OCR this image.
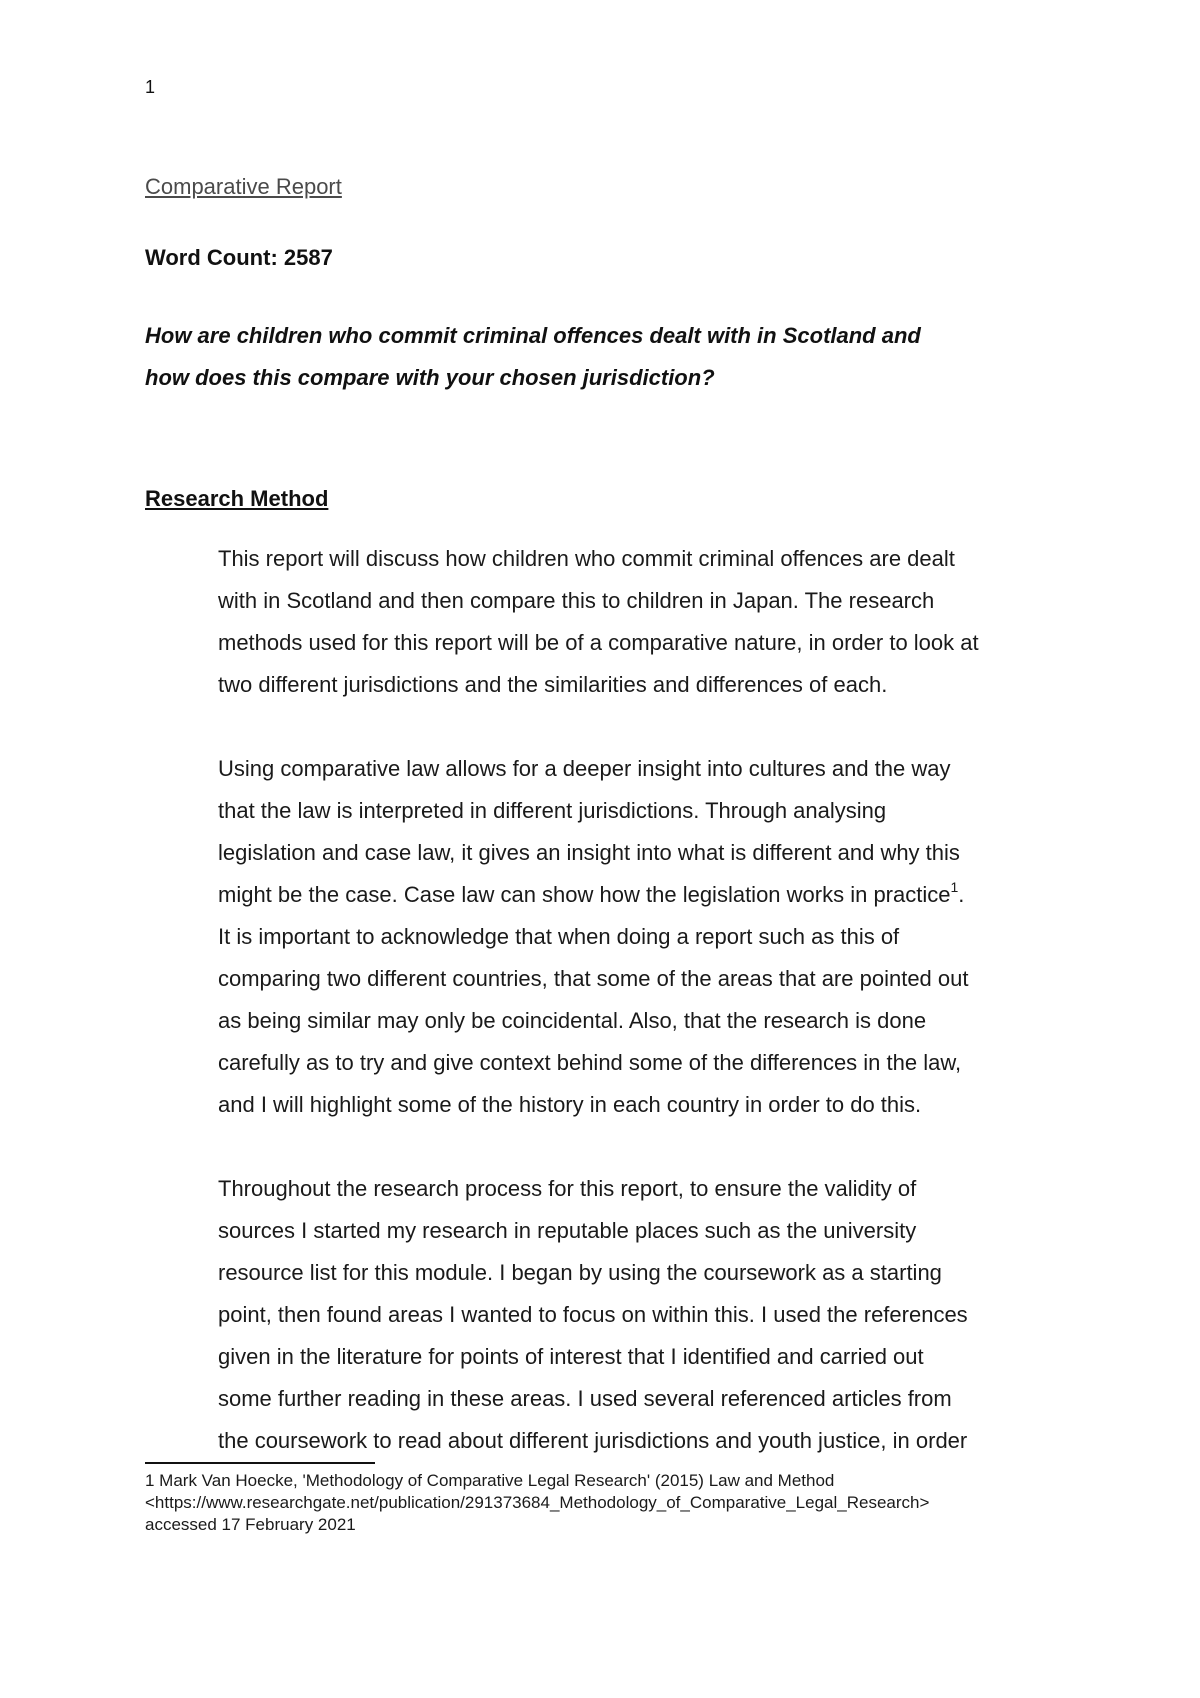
1
Comparative Report
Word Count: 2587
How are children who commit criminal offences dealt with in Scotland and
how does this compare with your chosen jurisdiction?
Research Method
This report will discuss how children who commit criminal offences are dealt
with in Scotland and then compare this to children in Japan. The research
methods used for this report will be of a comparative nature, in order to look at
two different jurisdictions and the similarities and differences of each.
Using comparative law allows for a deeper insight into cultures and the way
that the law is interpreted in different jurisdictions. Through analysing
legislation and case law, it gives an insight into what is different and why this
might be the case. Case law can show how the legislation works in practice$^1$.
It is important to acknowledge that when doing a report such as this of
comparing two different countries, that some of the areas that are pointed out
as being similar may only be coincidental. Also, that the research is done
carefully as to try and give context behind some of the differences in the law,
and I will highlight some of the history in each country in order to do this.
Throughout the research process for this report, to ensure the validity of
sources I started my research in reputable places such as the university
resource list for this module. I began by using the coursework as a starting
point, then found areas I wanted to focus on within this. I used the references
given in the literature for points of interest that I identified and carried out
some further reading in these areas. I used several referenced articles from
the coursework to read about different jurisdictions and youth justice, in order
1 Mark Van Hoecke, 'Methodology of Comparative Legal Research' (2015) Law and Method
<https://www.researchgate.net/publication/291373684_Methodology_of_Comparative_Legal_Research>
accessed 17 February 2021
